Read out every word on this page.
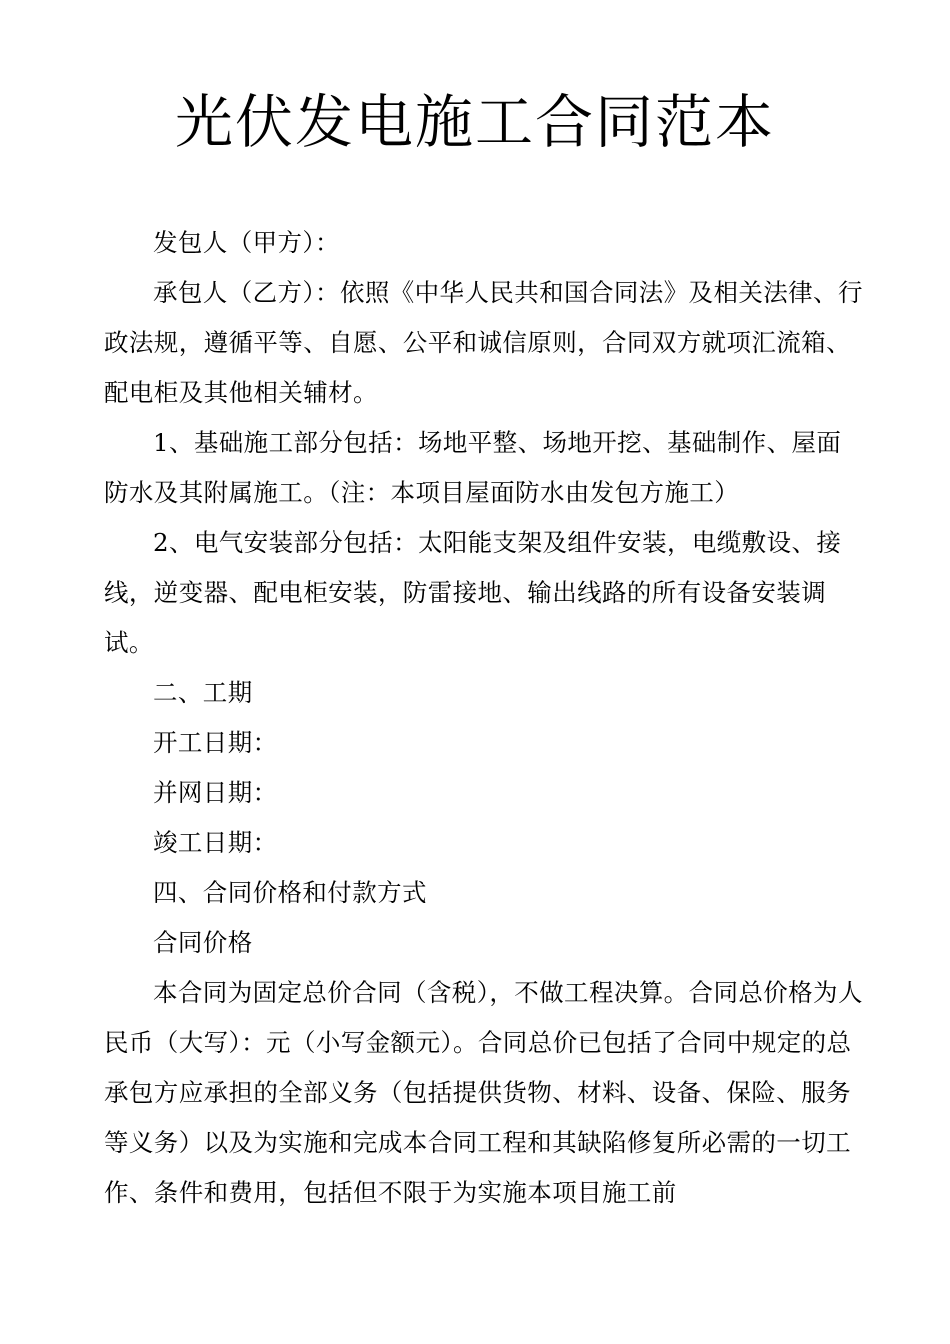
光伏发电施工合同范本

发包人（甲方）：

承包人（乙方）：依照《中华人民共和国合同法》及相关法律、行政法规，遵循平等、自愿、公平和诚信原则，合同双方就项汇流箱、配电柜及其他相关辅材。

1、基础施工部分包括：场地平整、场地开挖、基础制作、屋面防水及其附属施工。（注：本项目屋面防水由发包方施工）

2、电气安装部分包括：太阳能支架及组件安装，电缆敷设、接线，逆变器、配电柜安装，防雷接地、输出线路的所有设备安装调试。

二、工期

开工日期：

并网日期：

竣工日期：

四、合同价格和付款方式

合同价格

本合同为固定总价合同（含税），不做工程决算。合同总价格为人民币（大写）：元（小写金额元）。合同总价已包括了合同中规定的总承包方应承担的全部义务（包括提供货物、材料、设备、保险、服务等义务）以及为实施和完成本合同工程和其缺陷修复所必需的一切工作、条件和费用，包括但不限于为实施本项目施工前
